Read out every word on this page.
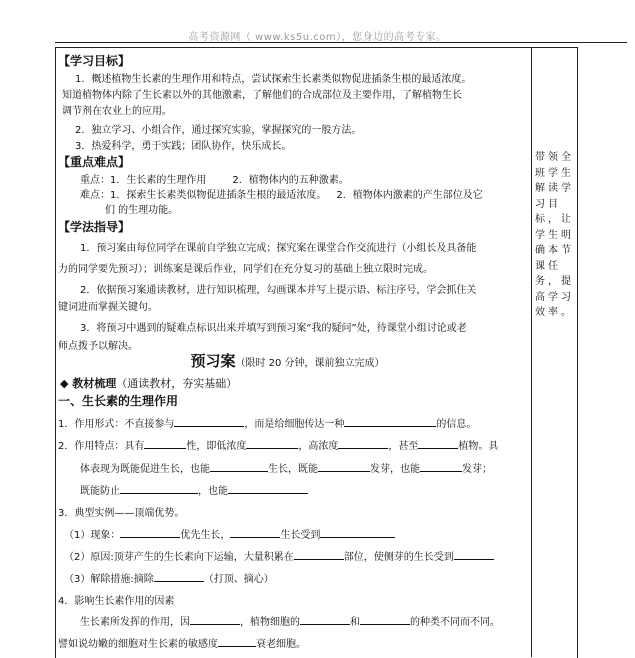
高考资源网（ www.ks5u.com），您身边的高考专家。
带领全班学生解读学习目标，让学生明确本节课任务，提高学习效率。
【学习目标】
1．概述植物生长素的生理作用和特点，尝试探索生长素类似物促进插条生根的最适浓度。
知道植物体内除了生长素以外的其他激素，了解他们的合成部位及主要作用，了解植物生长
调节剂在农业上的应用。
2．独立学习、小组合作，通过探究实验，掌握探究的一般方法。
3．热爱科学，勇于实践；团队协作，快乐成长。
【重点难点】
重点：1．生长素的生理作用	2．植物体内的五种激素。
难点：1．探索生长素类似物促进插条生根的最适浓度。 2．植物体内激素的产生部位及它
们 的生理功能。
【学法指导】
1．预习案由每位同学在课前自学独立完成；探究案在课堂合作交流进行（小组长及具备能
力的同学要先预习）；训练案是课后作业，同学们在充分复习的基础上独立限时完成。
2．依据预习案通读教材，进行知识梳理，勾画课本并写上提示语、标注序号，学会抓住关
键词进而掌握关键句。
3．将预习中遇到的疑难点标识出来并填写到预习案“我的疑问”处，待课堂小组讨论或老
师点拨予以解决。
预习案（限时 20 分钟，课前独立完成）
◆ 教材梳理（通读教材，夯实基础）
一、生长素的生理作用
1．作用形式：不直接参与	，而是给细胞传达一种	的信息。
2．作用特点：具有	性，即低浓度	，高浓度	，甚至	植物。具
体表现为既能促进生长，也能	生长，既能	发芽，也能	发芽；
既能防止	，也能
3．典型实例——顶端优势。
（1）现象：	优先生长，	生长受到
（2）原因:顶芽产生的生长素向下运输，大量积累在	部位，使侧芽的生长受到
（3）解除措施:摘除	（打顶、摘心）
4．影响生长素作用的因素
生长素所发挥的作用，因	，植物细胞的	和	的种类不同而不同。
譬如说幼嫩的细胞对生长素的敏感度	衰老细胞。
